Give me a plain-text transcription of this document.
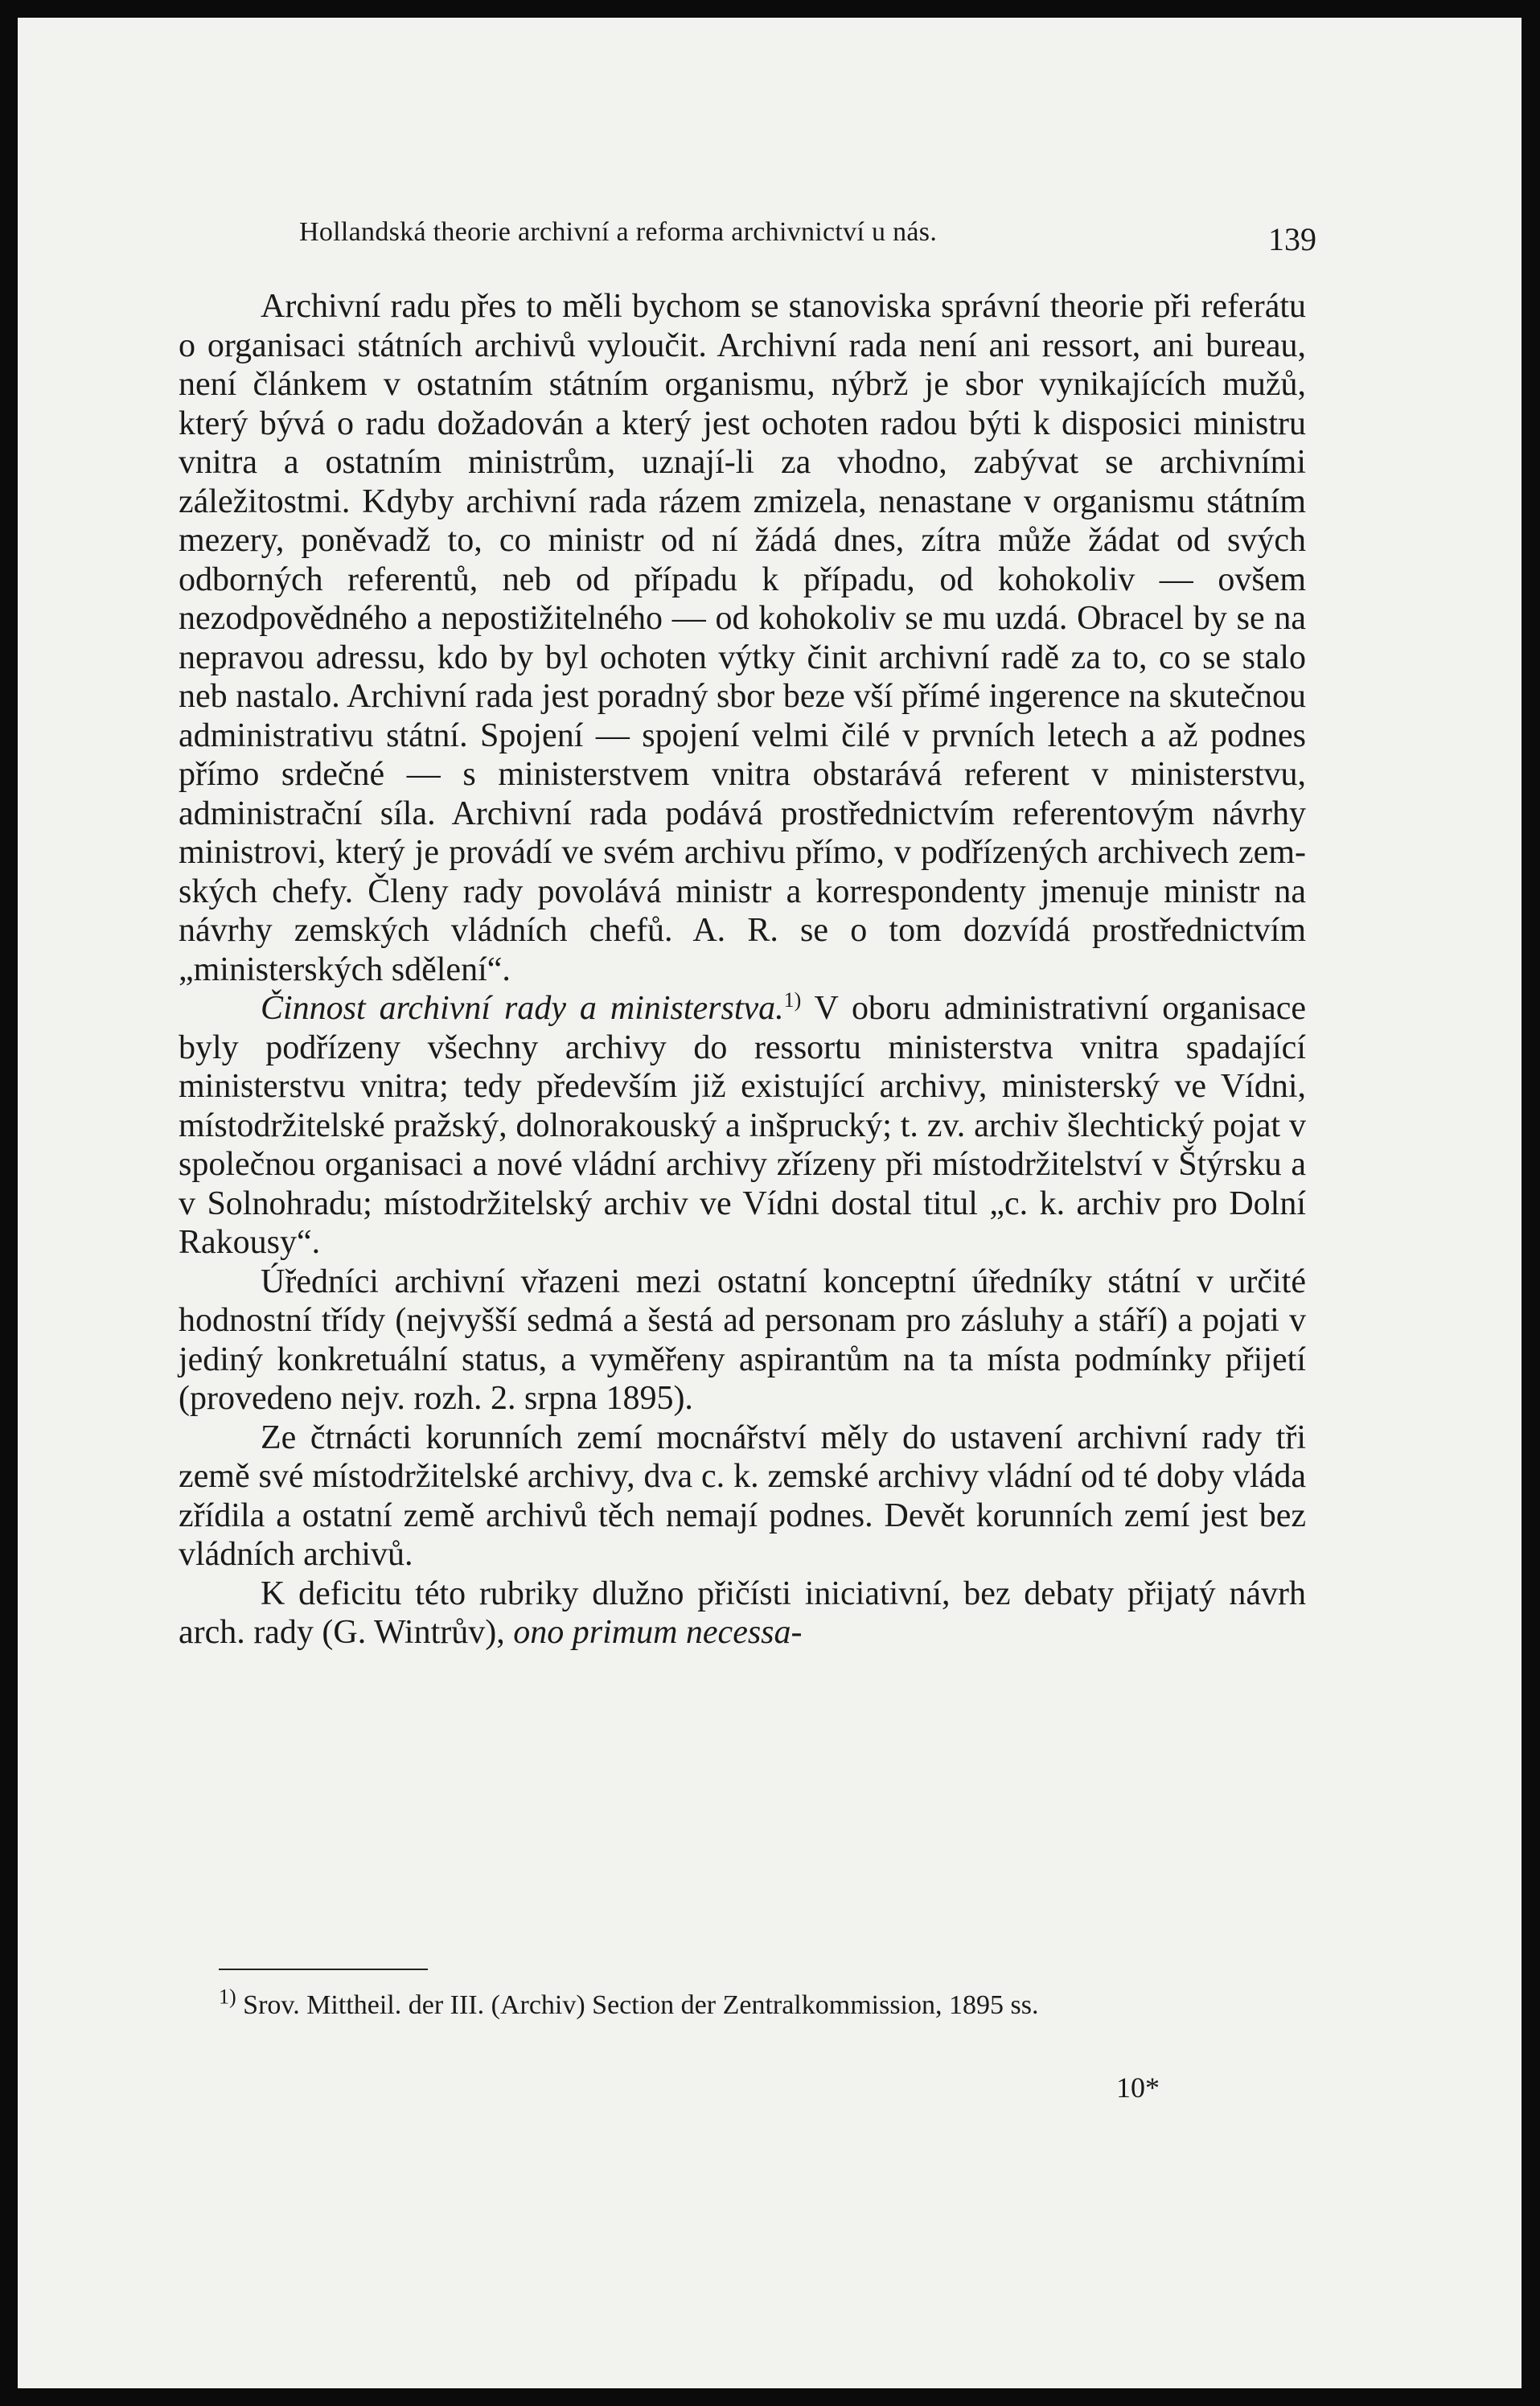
Hollandská theorie archivní a reforma archivnictví u nás.	139

Archivní radu přes to měli bychom se stanoviska správní theorie při referátu o organisaci státních archivů vyloučit. Archivní rada není ani ressort, ani bureau, není článkem v ostatním státním organismu, nýbrž je sbor vynikajících mužů, který bývá o radu dožadován a který jest ochoten radou býti k disposici ministru vnitra a ostatním ministrům, uznají-li za vhodno, zabývat se archivními záležitostmi. Kdyby archivní rada rázem zmizela, nenastane v organismu státním mezery, poněvadž to, co ministr od ní žádá dnes, zítra může žádat od svých odborných referentů, neb od případu k případu, od kohokoliv — ovšem nezodpovědného a nepostižitelného — od kohokoliv se mu uzdá. Obracel by se na nepravou adressu, kdo by byl ochoten výtky činit archivní radě za to, co se stalo neb nastalo. Archivní rada jest poradný sbor beze vší přímé ingerence na skutečnou administrativu státní. Spojení — spojení velmi čilé v prvních letech a až podnes přímo srdečné — s ministerstvem vnitra obstarává referent v ministerstvu, administrační síla. Archivní rada podává prostřednictvím referentovým návrhy ministrovi, který je provádí ve svém archivu přímo, v podřízených archivech zemských chefy. Členy rady povolává ministr a korrespondenty jmenuje ministr na návrhy zemských vládních chefů. A. R. se o tom dozvídá prostřednictvím „ministerských sdělení“.

Činnost archivní rady a ministerstva.$^{1)}$ V oboru administrativní organisace byly podřízeny všechny archivy do ressortu ministerstva vnitra spadající ministerstvu vnitra; tedy především již existující archivy, ministerský ve Vídni, místodržitelské pražský, dolnorakouský a inšprucký; t. zv. archiv šlechtický pojat v společnou organisaci a nové vládní archivy zřízeny při místodržitelství v Štýrsku a v Solnohradu; místodržitelský archiv ve Vídni dostal titul „c. k. archiv pro Dolní Rakousy“.

Úředníci archivní vřazeni mezi ostatní konceptní úředníky státní v určité hodnostní třídy (nejvyšší sedmá a šestá ad personam pro zásluhy a stáří) a pojati v jediný konkretuální status, a vyměřeny aspirantům na ta místa podmínky přijetí (provedeno nejv. rozh. 2. srpna 1895).

Ze čtrnácti korunních zemí mocnářství měly do ustavení archivní rady tři země své místodržitelské archivy, dva c. k. zemské archivy vládní od té doby vláda zřídila a ostatní země archivů těch nemají podnes. Devět korunních zemí jest bez vládních archivů.

K deficitu této rubriky dlužno přičísti iniciativní, bez debaty přijatý návrh arch. rady (G. Wintrův), ono primum necessa-

$^{1)}$ Srov. Mittheil. der III. (Archiv) Section der Zentralkommission, 1895 ss.
10*
